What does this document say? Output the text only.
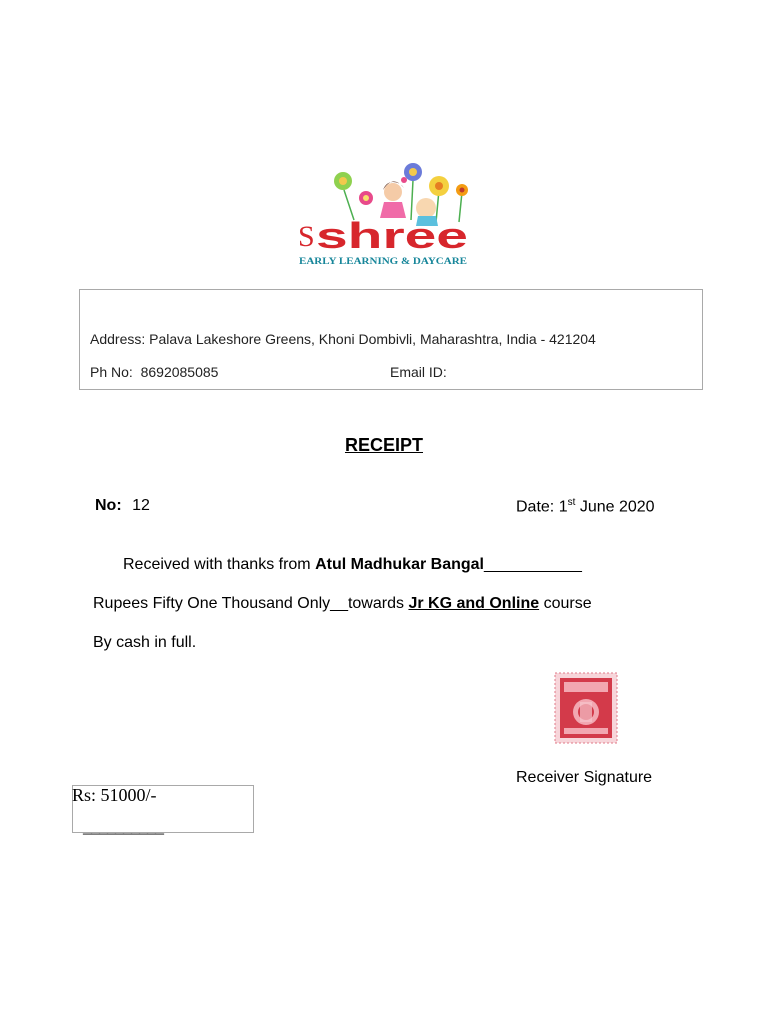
S shree
EARLY LEARNING & DAYCARE
Address: Palava Lakeshore Greens, Khoni Dombivli, Maharashtra, India - 421204
Ph No: 8692085085	Email ID:
RECEIPT
No: 12	Date: 1st June 2020
Received with thanks from Atul Madhukar Bangal___________
Rupees Fifty One Thousand Only__towards Jr KG and Online course
By cash in full.
Receiver Signature
Rs: 51000/-
__________
